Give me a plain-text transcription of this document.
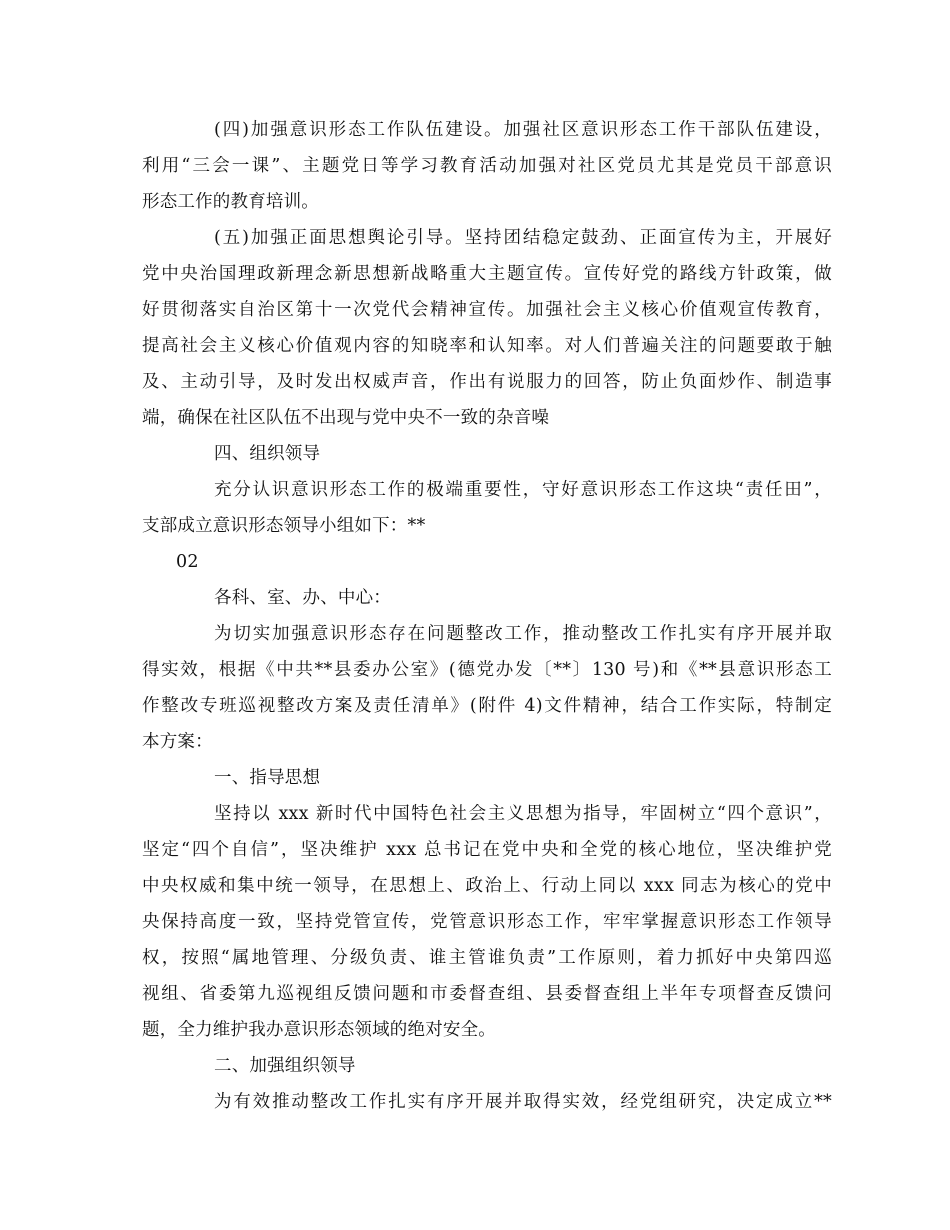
(四)加强意识形态工作队伍建设。加强社区意识形态工作干部队伍建设，
利用“三会一课”、主题党日等学习教育活动加强对社区党员尤其是党员干部意识
形态工作的教育培训。
(五)加强正面思想舆论引导。坚持团结稳定鼓劲、正面宣传为主，开展好
党中央治国理政新理念新思想新战略重大主题宣传。宣传好党的路线方针政策，做
好贯彻落实自治区第十一次党代会精神宣传。加强社会主义核心价值观宣传教育，
提高社会主义核心价值观内容的知晓率和认知率。对人们普遍关注的问题要敢于触
及、主动引导，及时发出权威声音，作出有说服力的回答，防止负面炒作、制造事
端，确保在社区队伍不出现与党中央不一致的杂音噪
四、组织领导
充分认识意识形态工作的极端重要性，守好意识形态工作这块“责任田”，
支部成立意识形态领导小组如下：**
02
各科、室、办、中心：
为切实加强意识形态存在问题整改工作，推动整改工作扎实有序开展并取
得实效，根据《中共**县委办公室》(德党办发〔**〕130 号)和《**县意识形态工
作整改专班巡视整改方案及责任清单》(附件 4)文件精神，结合工作实际，特制定
本方案：
一、指导思想
坚持以 xxx 新时代中国特色社会主义思想为指导，牢固树立“四个意识”，
坚定“四个自信”，坚决维护 xxx 总书记在党中央和全党的核心地位，坚决维护党
中央权威和集中统一领导，在思想上、政治上、行动上同以 xxx 同志为核心的党中
央保持高度一致，坚持党管宣传，党管意识形态工作，牢牢掌握意识形态工作领导
权，按照“属地管理、分级负责、谁主管谁负责”工作原则，着力抓好中央第四巡
视组、省委第九巡视组反馈问题和市委督查组、县委督查组上半年专项督查反馈问
题，全力维护我办意识形态领域的绝对安全。
二、加强组织领导
为有效推动整改工作扎实有序开展并取得实效，经党组研究，决定成立**
